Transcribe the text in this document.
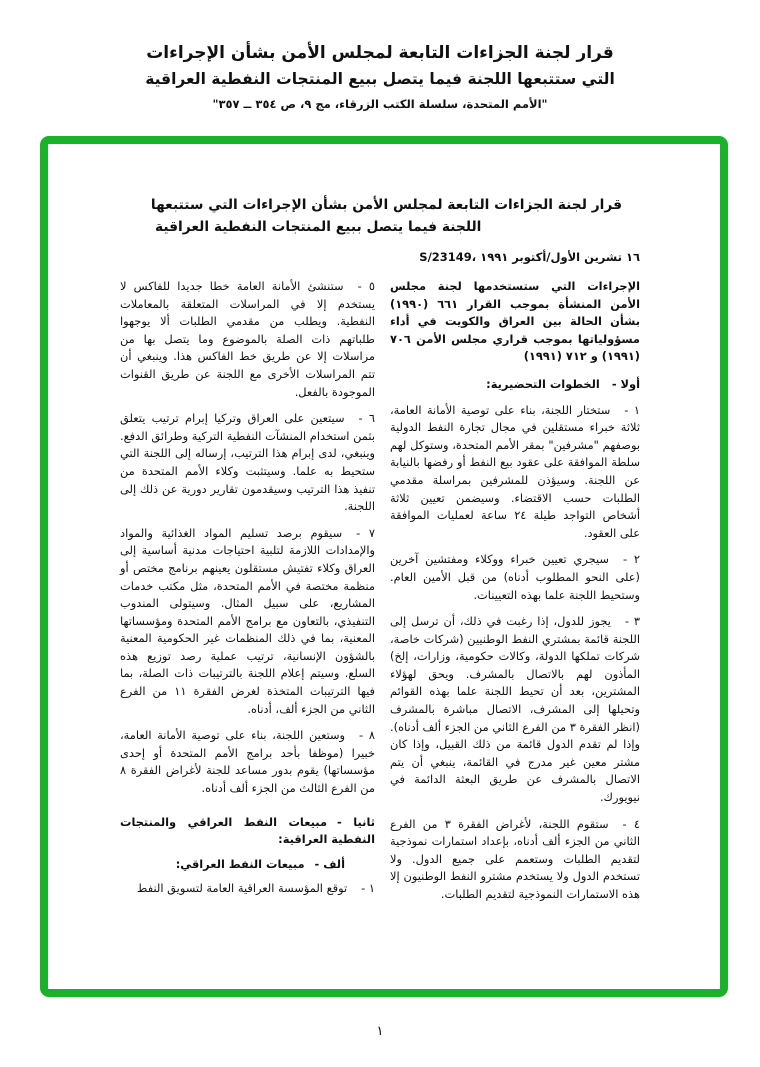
قرار لجنة الجزاءات التابعة لمجلس الأمن بشأن الإجراءات
التي ستتبعها اللجنة فيما يتصل ببيع المنتجات النفطية العراقية
"الأمم المتحدة، سلسلة الكتب الزرقاء، مج ٩، ص ٣٥٤ ــ ٣٥٧"
قرار لجنة الجزاءات التابعة لمجلس الأمن بشأن الإجراءات التي ستتبعها
اللجنة فيما يتصل ببيع المنتجات النفطية العراقية
S/23149، ١٦ تشرين الأول/أكتوبر ١٩٩١

الإجراءات التي ستستخدمها لجنة مجلس الأمن المنشأة بموجب القرار ٦٦١ (١٩٩٠) بشأن الحالة بين العراق والكويت في أداء مسؤولياتها بموجب قراري مجلس الأمن ٧٠٦ (١٩٩١) و ٧١٢ (١٩٩١)

أولا -الخطوات التحضيرية:

١ -ستختار اللجنة، بناء على توصية الأمانة العامة، ثلاثة خبراء مستقلين في مجال تجارة النفط الدولية بوصفهم "مشرفين" بمقر الأمم المتحدة، وستوكل لهم سلطة الموافقة على عقود بيع النفط أو رفضها بالنيابة عن اللجنة. وسيؤذن للمشرفين بمراسلة مقدمي الطلبات حسب الاقتضاء. وسيضمن تعيين ثلاثة أشخاص التواجد طيلة ٢٤ ساعة لعمليات الموافقة على العقود.

٢ -سيجري تعيين خبراء ووكلاء ومفتشين آخرين (على النحو المطلوب أدناه) من قبل الأمين العام. وستحيط اللجنة علما بهذه التعيينات.

٣ -يجوز للدول، إذا رغبت في ذلك، أن ترسل إلى اللجنة قائمة بمشتري النفط الوطنيين (شركات خاصة، شركات تملكها الدولة، وكالات حكومية، وزارات، إلخ) المأذون لهم بالاتصال بالمشرف. ويحق لهؤلاء المشترين، بعد أن تحيط اللجنة علما بهذه القوائم وتحيلها إلى المشرف، الاتصال مباشرة بالمشرف (انظر الفقرة ٣ من الفرع الثاني من الجزء ألف أدناه). وإذا لم تقدم الدول قائمة من ذلك القبيل، وإذا كان مشتر معين غير مدرج في القائمة، ينبغي أن يتم الاتصال بالمشرف عن طريق البعثة الدائمة في نيويورك.

٤ -ستقوم اللجنة، لأغراض الفقرة ٣ من الفرع الثاني من الجزء ألف أدناه، بإعداد استمارات نموذجية لتقديم الطلبات وستعمم على جميع الدول. ولا تستخدم الدول ولا يستخدم مشترو النفط الوطنيون إلا هذه الاستمارات النموذجية لتقديم الطلبات.

٥ -ستنشئ الأمانة العامة خطا جديدا للفاكس لا يستخدم إلا في المراسلات المتعلقة بالمعاملات النفطية. ويطلب من مقدمي الطلبات ألا يوجهوا طلباتهم ذات الصلة بالموضوع وما يتصل بها من مراسلات إلا عن طريق خط الفاكس هذا. وينبغي أن تتم المراسلات الأخرى مع اللجنة عن طريق القنوات الموجودة بالفعل.

٦ -سيتعين على العراق وتركيا إبرام ترتيب يتعلق بثمن استخدام المنشآت النفطية التركية وطرائق الدفع. وينبغي، لدى إبرام هذا الترتيب، إرساله إلى اللجنة التي ستحيط به علما. وسيتثبت وكلاء الأمم المتحدة من تنفيذ هذا الترتيب وسيقدمون تقارير دورية عن ذلك إلى اللجنة.

٧ -سيقوم برصد تسليم المواد الغذائية والمواد والإمدادات اللازمة لتلبية احتياجات مدنية أساسية إلى العراق وكلاء تفتيش مستقلون يعينهم برنامج مختص أو منظمة مختصة في الأمم المتحدة، مثل مكتب خدمات المشاريع، على سبيل المثال. وسيتولى المندوب التنفيذي، بالتعاون مع برامج الأمم المتحدة ومؤسساتها المعنية، بما في ذلك المنظمات غير الحكومية المعنية بالشؤون الإنسانية، ترتيب عملية رصد توزيع هذه السلع. وسيتم إعلام اللجنة بالترتيبات ذات الصلة، بما فيها الترتيبات المتخذة لغرض الفقرة ١١ من الفرع الثاني من الجزء ألف، أدناه.

٨ -وستعين اللجنة، بناء على توصية الأمانة العامة، خبيرا (موظفا بأحد برامج الأمم المتحدة أو إحدى مؤسساتها) يقوم بدور مساعد للجنة لأغراض الفقرة ٨ من الفرع الثالث من الجزء ألف أدناه.

ثانيا -مبيعات النفط العراقي والمنتجات النفطية العراقية:
ألف -مبيعات النفط العراقي:

١ -توقع المؤسسة العراقية العامة لتسويق النفط

١
